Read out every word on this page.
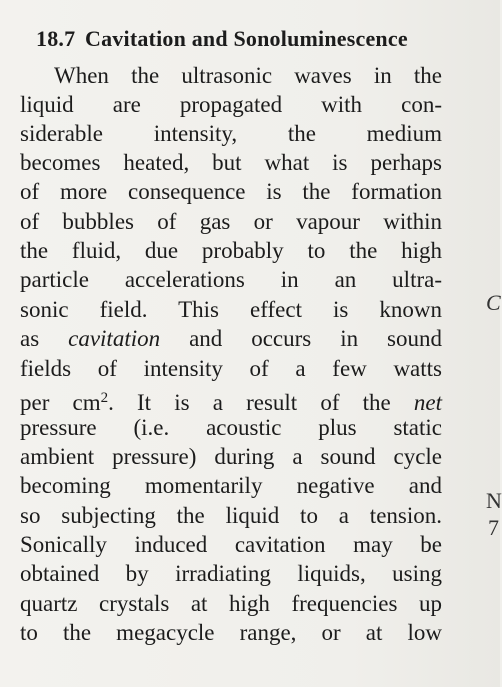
18.7 Cavitation and Sonoluminescence
When the ultrasonic waves in the
liquid are propagated with con-
siderable intensity, the medium
becomes heated, but what is perhaps
of more consequence is the formation
of bubbles of gas or vapour within
the fluid, due probably to the high
particle accelerations in an ultra-
sonic field. This effect is known
as cavitation and occurs in sound
fields of intensity of a few watts
per $cm^2$. It is a result of the net
pressure (i.e. acoustic plus static
ambient pressure) during a sound cycle
becoming momentarily negative and
so subjecting the liquid to a tension.
Sonically induced cavitation may be
obtained by irradiating liquids, using
quartz crystals at high frequencies up
to the megacycle range, or at low
C
N
7
